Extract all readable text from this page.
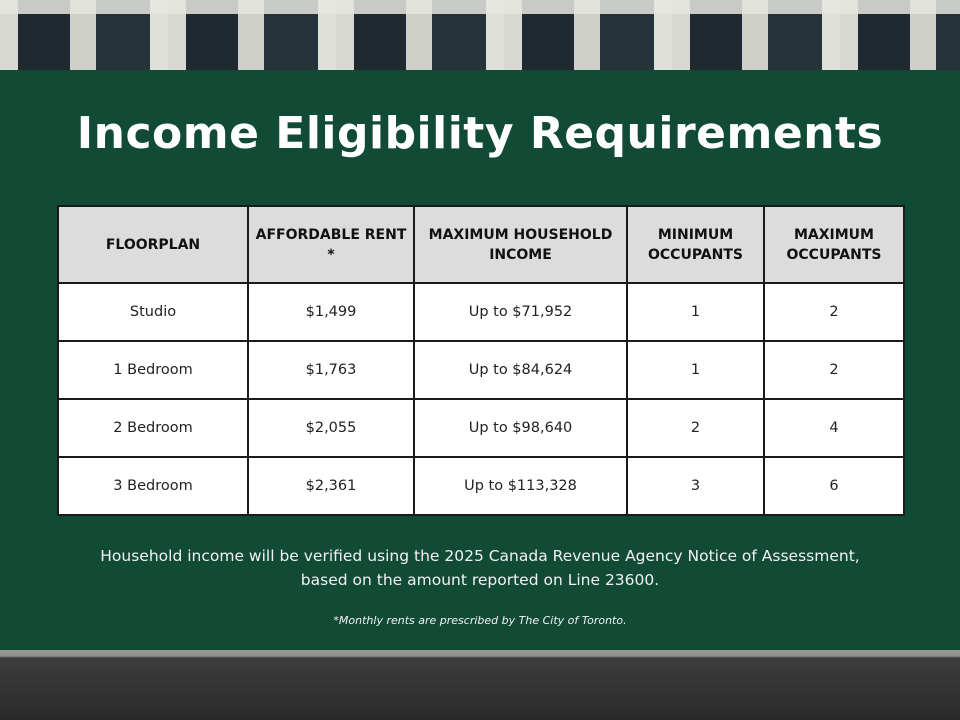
Income Eligibility Requirements
FLOORPLAN	AFFORDABLE RENT *	MAXIMUM HOUSEHOLD INCOME	MINIMUM OCCUPANTS	MAXIMUM OCCUPANTS
Studio	$1,499	Up to $71,952	1	2
1 Bedroom	$1,763	Up to $84,624	1	2
2 Bedroom	$2,055	Up to $98,640	2	4
3 Bedroom	$2,361	Up to $113,328	3	6
Household income will be verified using the 2025 Canada Revenue Agency Notice of Assessment,
based on the amount reported on Line 23600.
*Monthly rents are prescribed by The City of Toronto.
